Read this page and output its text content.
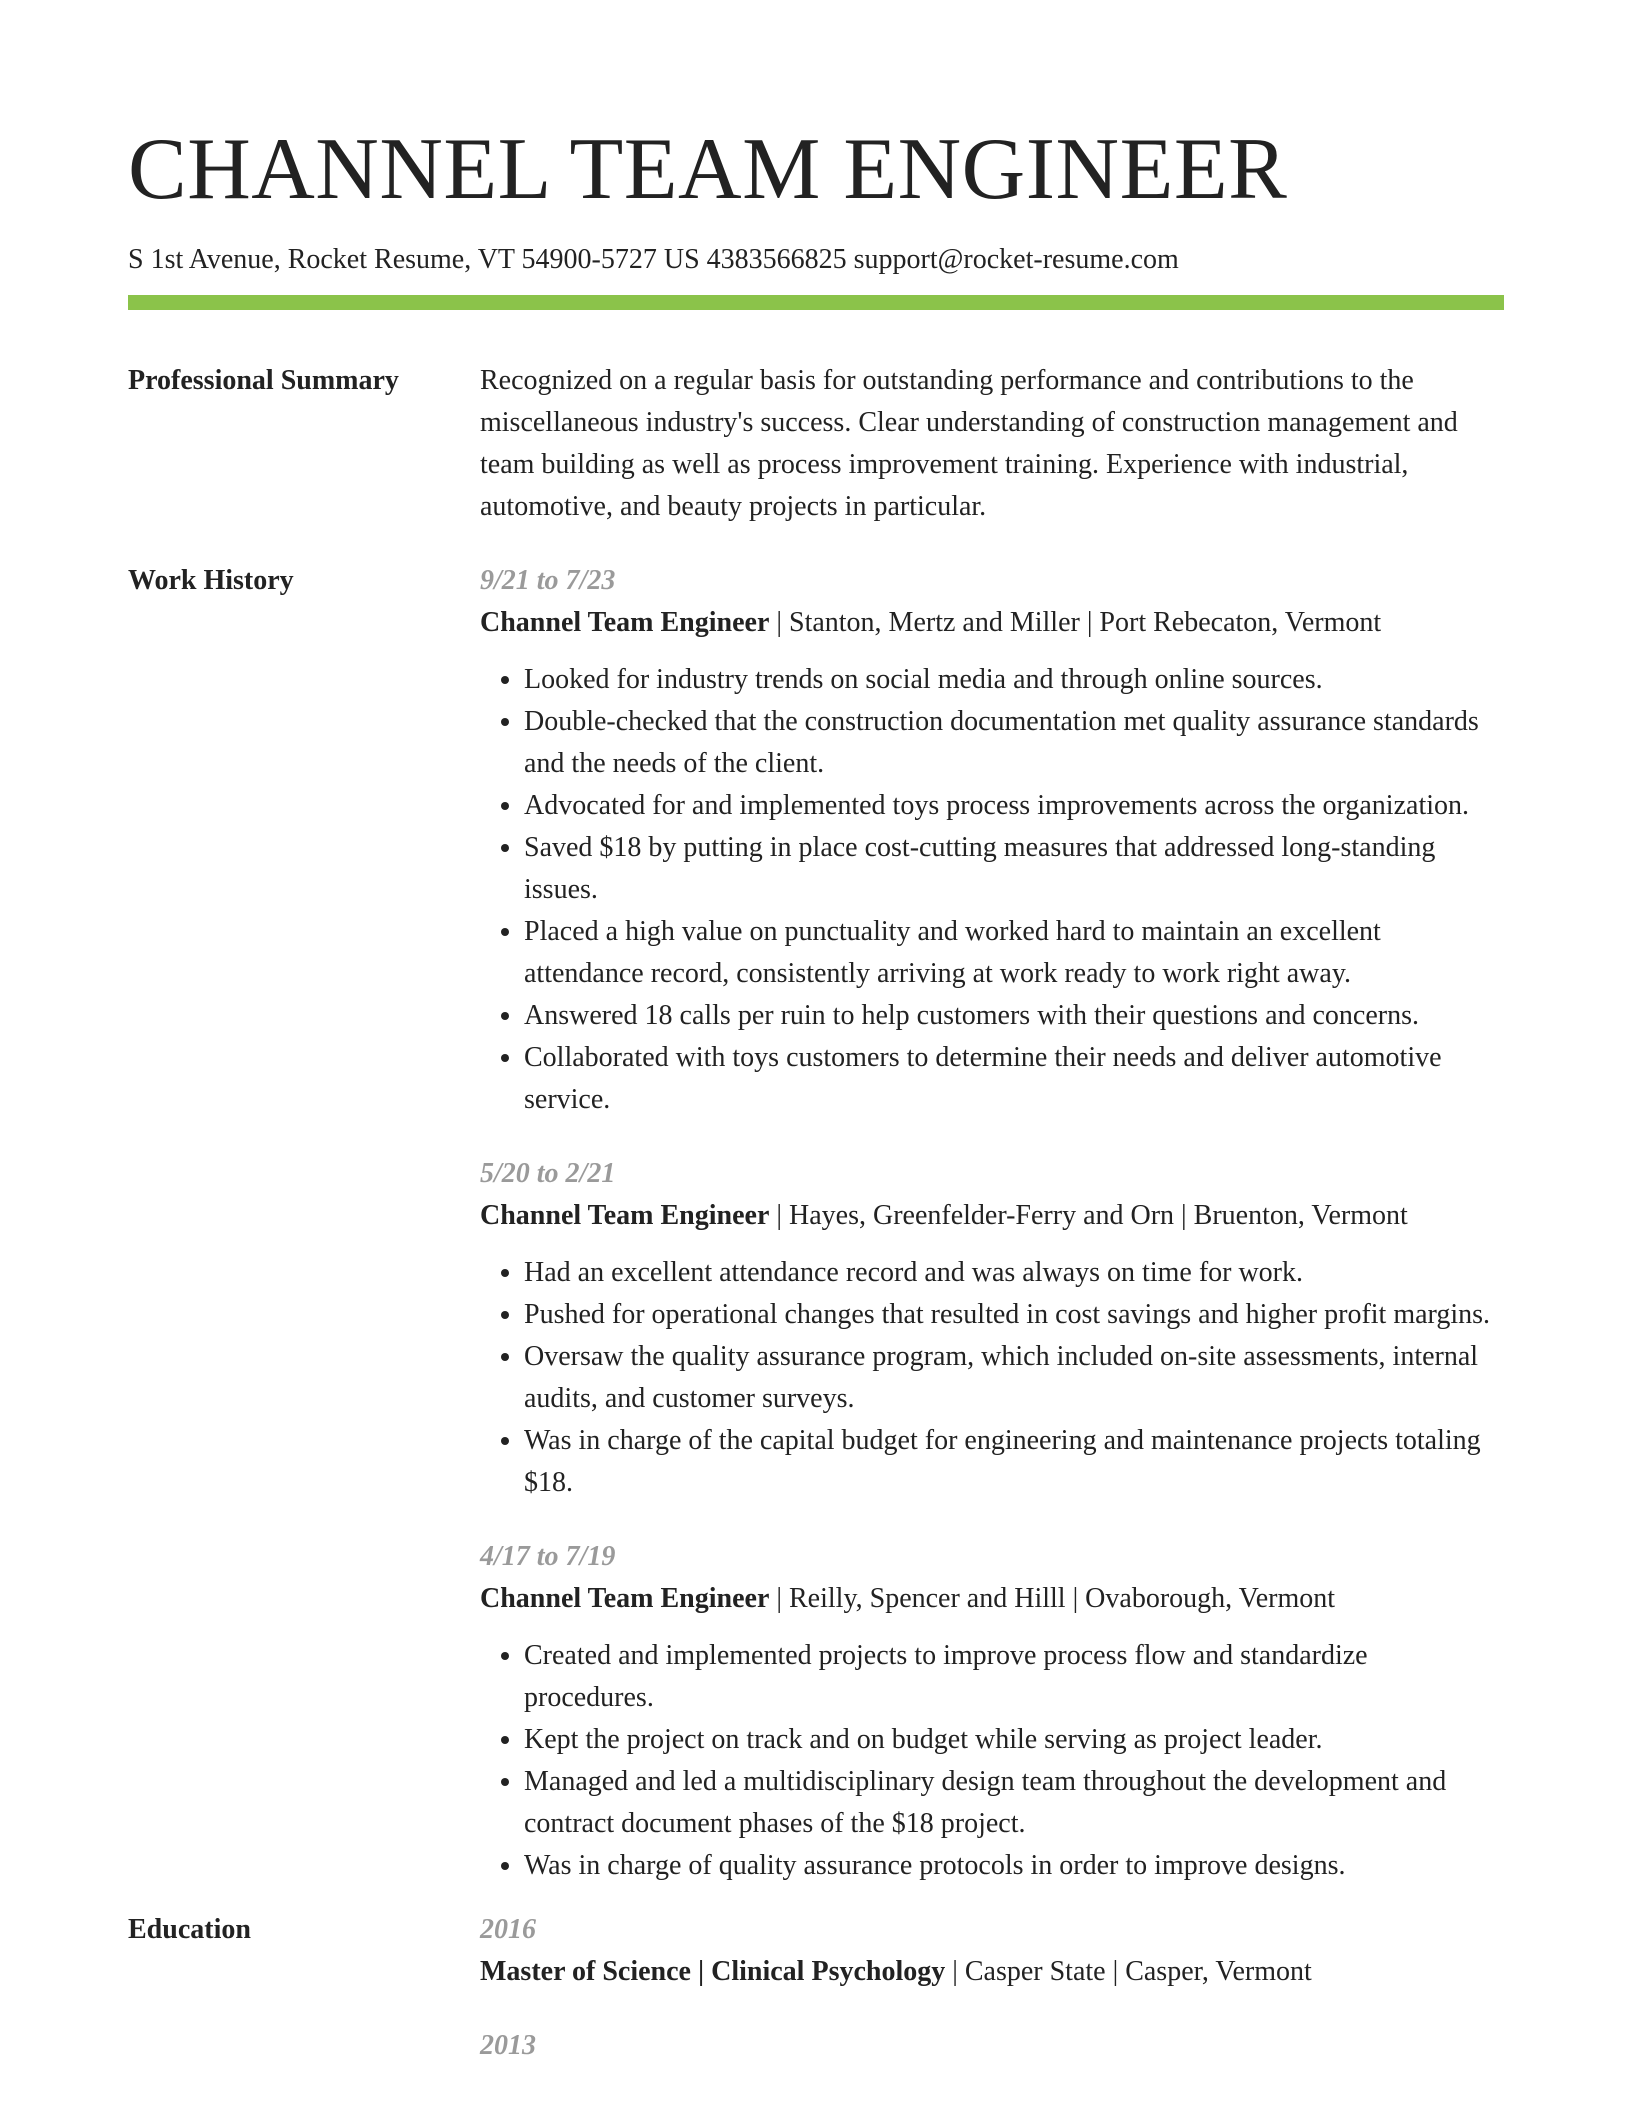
CHANNEL TEAM ENGINEER
S 1st Avenue, Rocket Resume, VT 54900-5727 US 4383566825 support@rocket-resume.com
Professional Summary	Recognized on a regular basis for outstanding performance and contributions to the miscellaneous industry's success. Clear understanding of construction management and team building as well as process improvement training. Experience with industrial, automotive, and beauty projects in particular.

Work History	9/21 to 7/23
Channel Team Engineer | Stanton, Mertz and Miller | Port Rebecaton, Vermont
• Looked for industry trends on social media and through online sources.
• Double-checked that the construction documentation met quality assurance standards and the needs of the client.
• Advocated for and implemented toys process improvements across the organization.
• Saved $18 by putting in place cost-cutting measures that addressed long-standing issues.
• Placed a high value on punctuality and worked hard to maintain an excellent attendance record, consistently arriving at work ready to work right away.
• Answered 18 calls per ruin to help customers with their questions and concerns.
• Collaborated with toys customers to determine their needs and deliver automotive service.
5/20 to 2/21
Channel Team Engineer | Hayes, Greenfelder-Ferry and Orn | Bruenton, Vermont
• Had an excellent attendance record and was always on time for work.
• Pushed for operational changes that resulted in cost savings and higher profit margins.
• Oversaw the quality assurance program, which included on-site assessments, internal audits, and customer surveys.
• Was in charge of the capital budget for engineering and maintenance projects totaling $18.
4/17 to 7/19
Channel Team Engineer | Reilly, Spencer and Hilll | Ovaborough, Vermont
• Created and implemented projects to improve process flow and standardize procedures.
• Kept the project on track and on budget while serving as project leader.
• Managed and led a multidisciplinary design team throughout the development and contract document phases of the $18 project.
• Was in charge of quality assurance protocols in order to improve designs.
Education	2016
Master of Science | Clinical Psychology | Casper State | Casper, Vermont
2013
